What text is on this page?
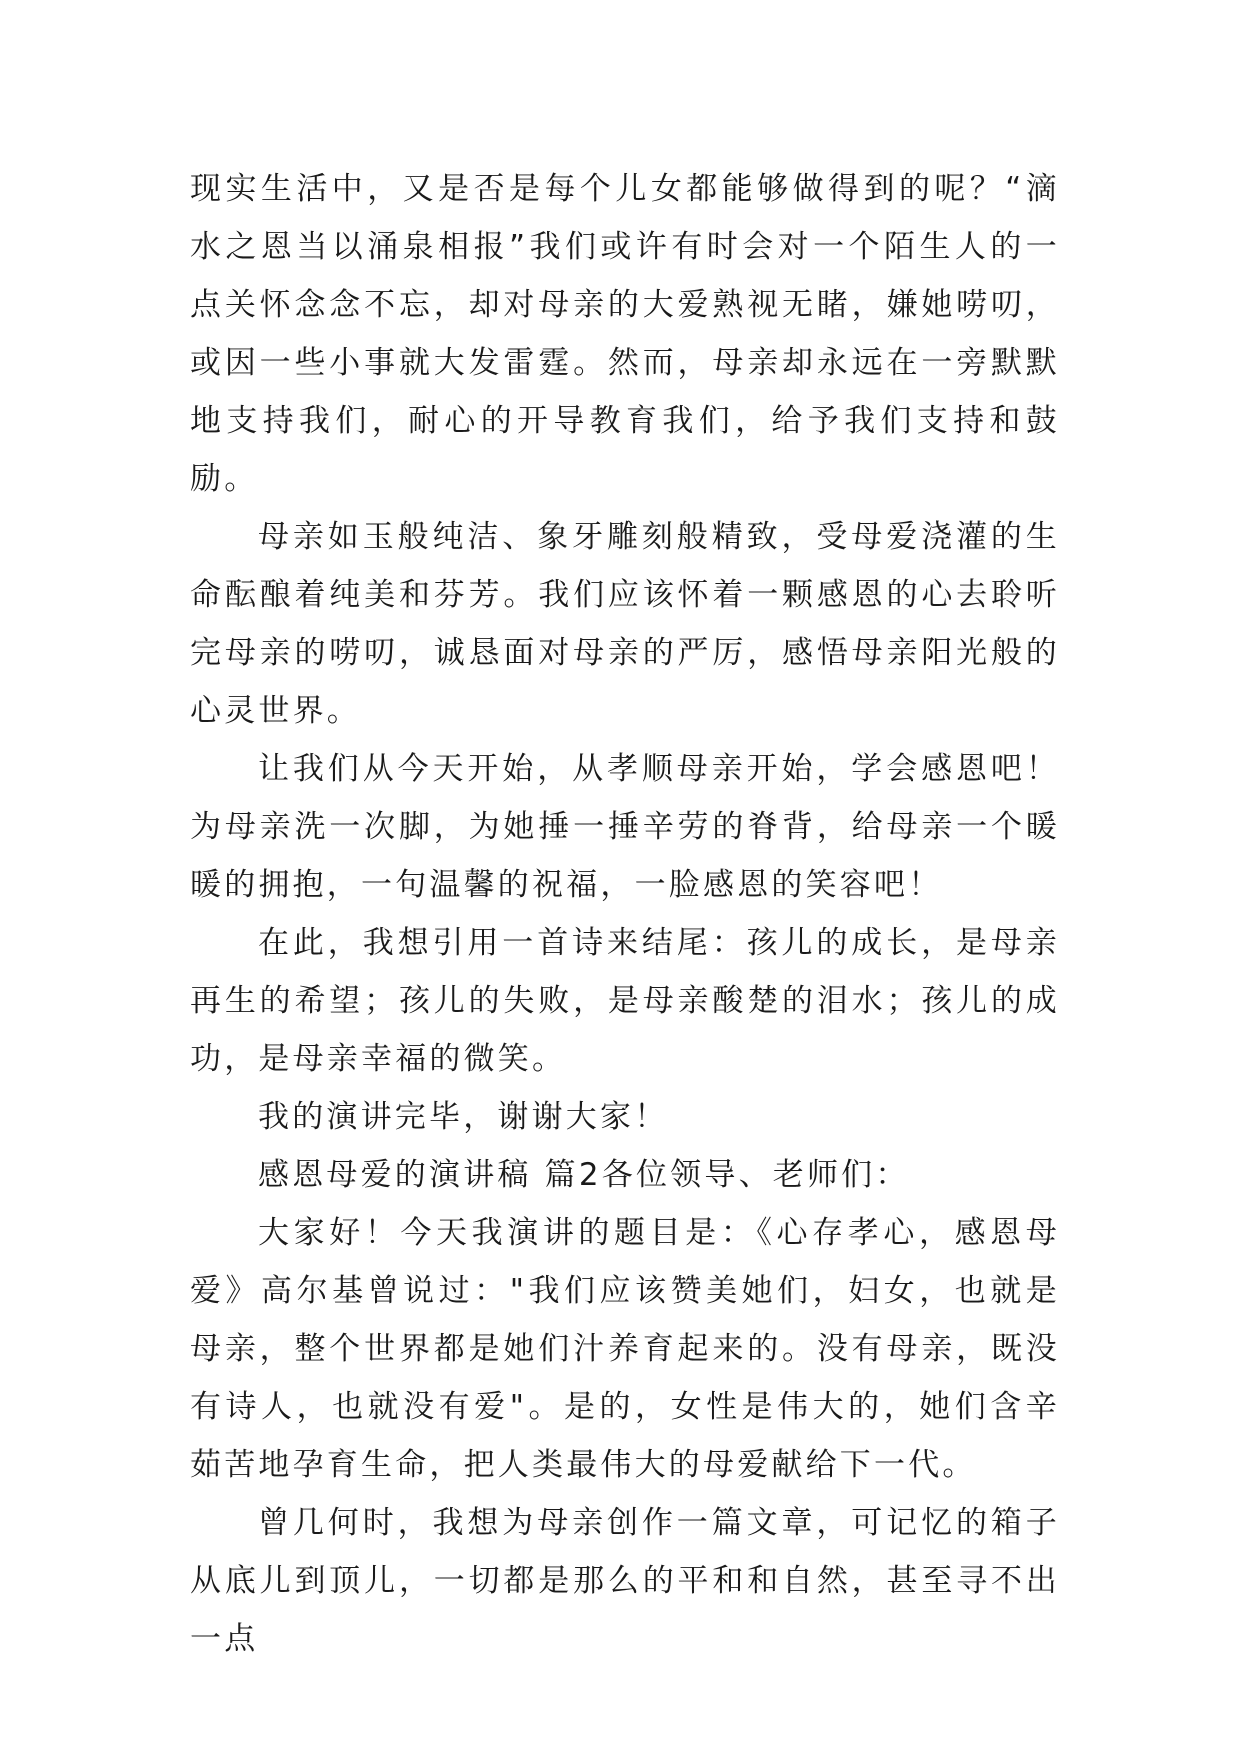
现实生活中，又是否是每个儿女都能够做得到的呢？“滴水之恩当以涌泉相报”我们或许有时会对一个陌生人的一点关怀念念不忘，却对母亲的大爱熟视无睹，嫌她唠叨，或因一些小事就大发雷霆。然而，母亲却永远在一旁默默地支持我们，耐心的开导教育我们，给予我们支持和鼓励。

母亲如玉般纯洁、象牙雕刻般精致，受母爱浇灌的生命酝酿着纯美和芬芳。我们应该怀着一颗感恩的心去聆听完母亲的唠叨，诚恳面对母亲的严厉，感悟母亲阳光般的心灵世界。

让我们从今天开始，从孝顺母亲开始，学会感恩吧！为母亲洗一次脚，为她捶一捶辛劳的脊背，给母亲一个暖暖的拥抱，一句温馨的祝福，一脸感恩的笑容吧！

在此，我想引用一首诗来结尾：孩儿的成长，是母亲再生的希望；孩儿的失败，是母亲酸楚的泪水；孩儿的成功，是母亲幸福的微笑。

我的演讲完毕，谢谢大家！

感恩母爱的演讲稿 篇2各位领导、老师们：

大家好！今天我演讲的题目是：《心存孝心，感恩母爱》高尔基曾说过："我们应该赞美她们，妇女，也就是母亲，整个世界都是她们汁养育起来的。没有母亲，既没有诗人，也就没有爱"。是的，女性是伟大的，她们含辛茹苦地孕育生命，把人类最伟大的母爱献给下一代。

曾几何时，我想为母亲创作一篇文章，可记忆的箱子从底儿到顶儿，一切都是那么的平和和自然，甚至寻不出一点
